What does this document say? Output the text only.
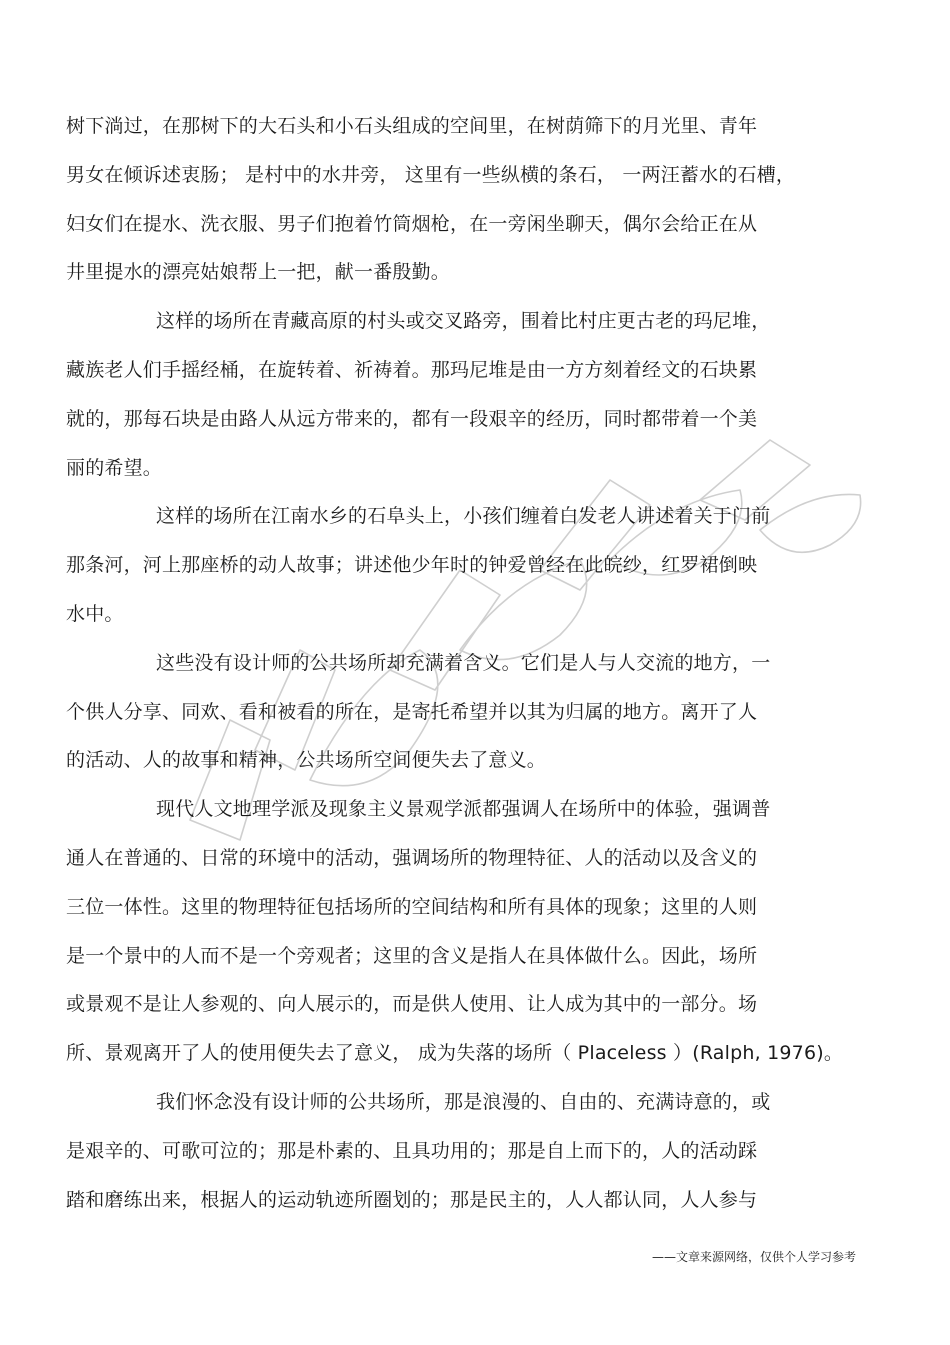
树下淌过，在那树下的大石头和小石头组成的空间里，在树荫筛下的月光里、青年
男女在倾诉述衷肠； 是村中的水井旁， 这里有一些纵横的条石， 一两汪蓄水的石槽，
妇女们在提水、洗衣服、男子们抱着竹筒烟枪，在一旁闲坐聊天，偶尔会给正在从
井里提水的漂亮姑娘帮上一把，献一番殷勤。
这样的场所在青藏高原的村头或交叉路旁，围着比村庄更古老的玛尼堆，
藏族老人们手摇经桶，在旋转着、祈祷着。那玛尼堆是由一方方刻着经文的石块累
就的，那每石块是由路人从远方带来的，都有一段艰辛的经历，同时都带着一个美
丽的希望。
这样的场所在江南水乡的石阜头上，小孩们缠着白发老人讲述着关于门前
那条河，河上那座桥的动人故事；讲述他少年时的钟爱曾经在此皖纱，红罗裙倒映
水中。
这些没有设计师的公共场所却充满着含义。它们是人与人交流的地方，一
个供人分享、同欢、看和被看的所在，是寄托希望并以其为归属的地方。离开了人
的活动、人的故事和精神，公共场所空间便失去了意义。
现代人文地理学派及现象主义景观学派都强调人在场所中的体验，强调普
通人在普通的、日常的环境中的活动，强调场所的物理特征、人的活动以及含义的
三位一体性。这里的物理特征包括场所的空间结构和所有具体的现象；这里的人则
是一个景中的人而不是一个旁观者；这里的含义是指人在具体做什么。因此，场所
或景观不是让人参观的、向人展示的，而是供人使用、让人成为其中的一部分。场
所、景观离开了人的使用便失去了意义， 成为失落的场所（ Placeless ）(Ralph, 1976)。
我们怀念没有设计师的公共场所，那是浪漫的、自由的、充满诗意的，或
是艰辛的、可歌可泣的；那是朴素的、且具功用的；那是自上而下的，人的活动踩
踏和磨练出来，根据人的运动轨迹所圈划的；那是民主的，人人都认同，人人参与
——文章来源网络，仅供个人学习参考
